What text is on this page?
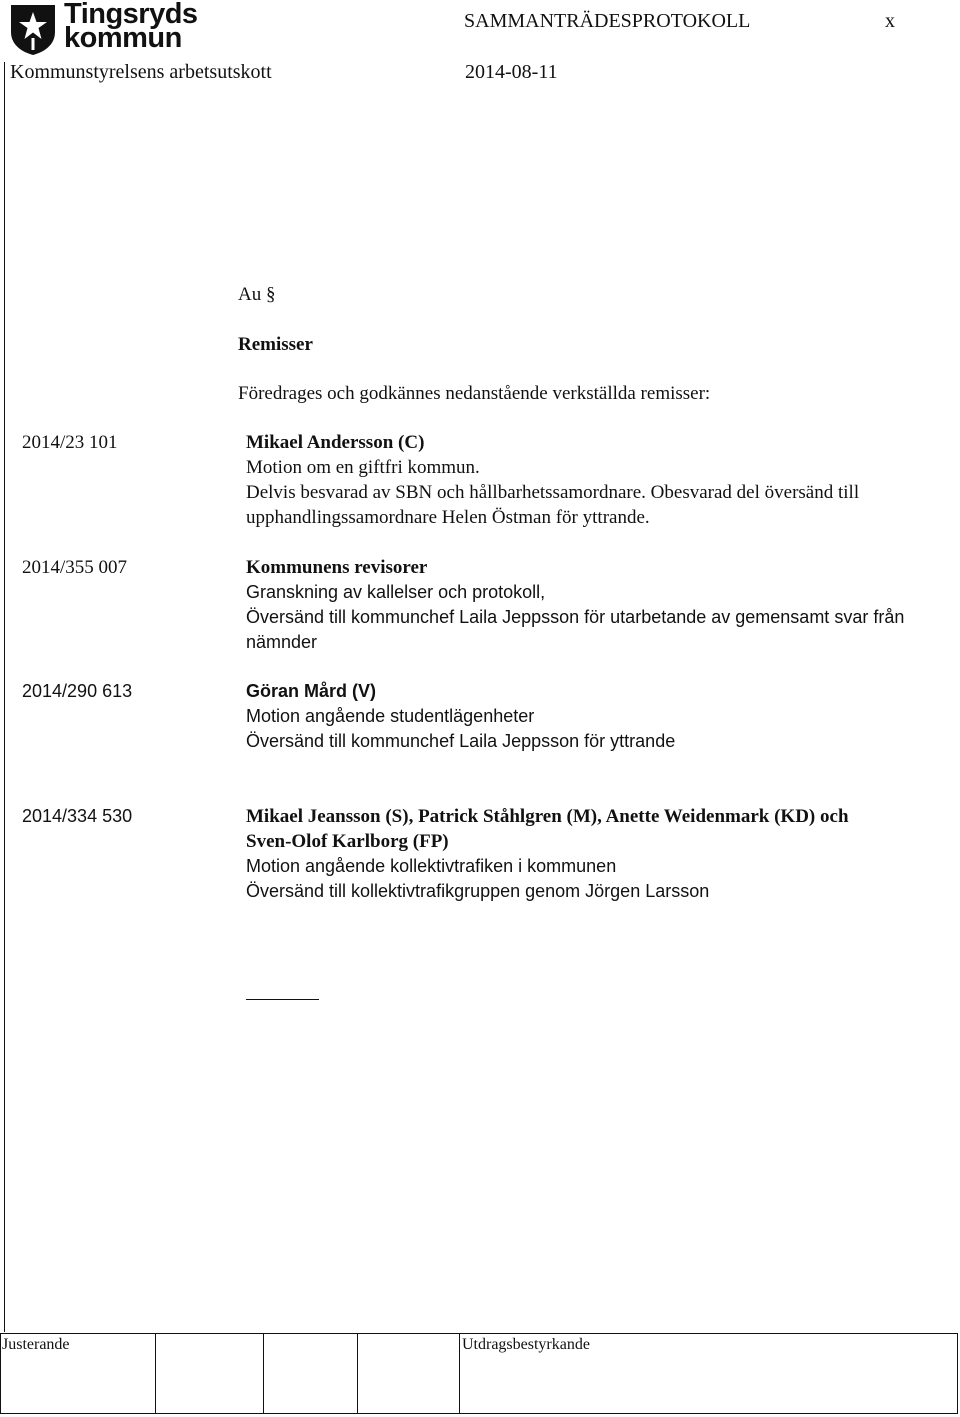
Tingsryds
kommun
SAMMANTRÄDESPROTOKOLL	x
Kommunstyrelsens arbetsutskott	2014-08-11
Au §
Remisser
Föredrages och godkännes nedanstående verkställda remisser:
2014/23 101	Mikael Andersson (C)
Motion om en giftfri kommun.
Delvis besvarad av SBN och hållbarhetssamordnare. Obesvarad del översänd till
upphandlingssamordnare Helen Östman för yttrande.
2014/355 007	Kommunens revisorer
Granskning av kallelser och protokoll,
Översänd till kommunchef Laila Jeppsson för utarbetande av gemensamt svar från
nämnder
2014/290 613	Göran Mård (V)
Motion angående studentlägenheter
Översänd till kommunchef Laila Jeppsson för yttrande
2014/334 530	Mikael Jeansson (S), Patrick Ståhlgren (M), Anette Weidenmark (KD) och
Sven-Olof Karlborg (FP)
Motion angående kollektivtrafiken i kommunen
Översänd till kollektivtrafikgruppen genom Jörgen Larsson
Justerande	Utdragsbestyrkande
